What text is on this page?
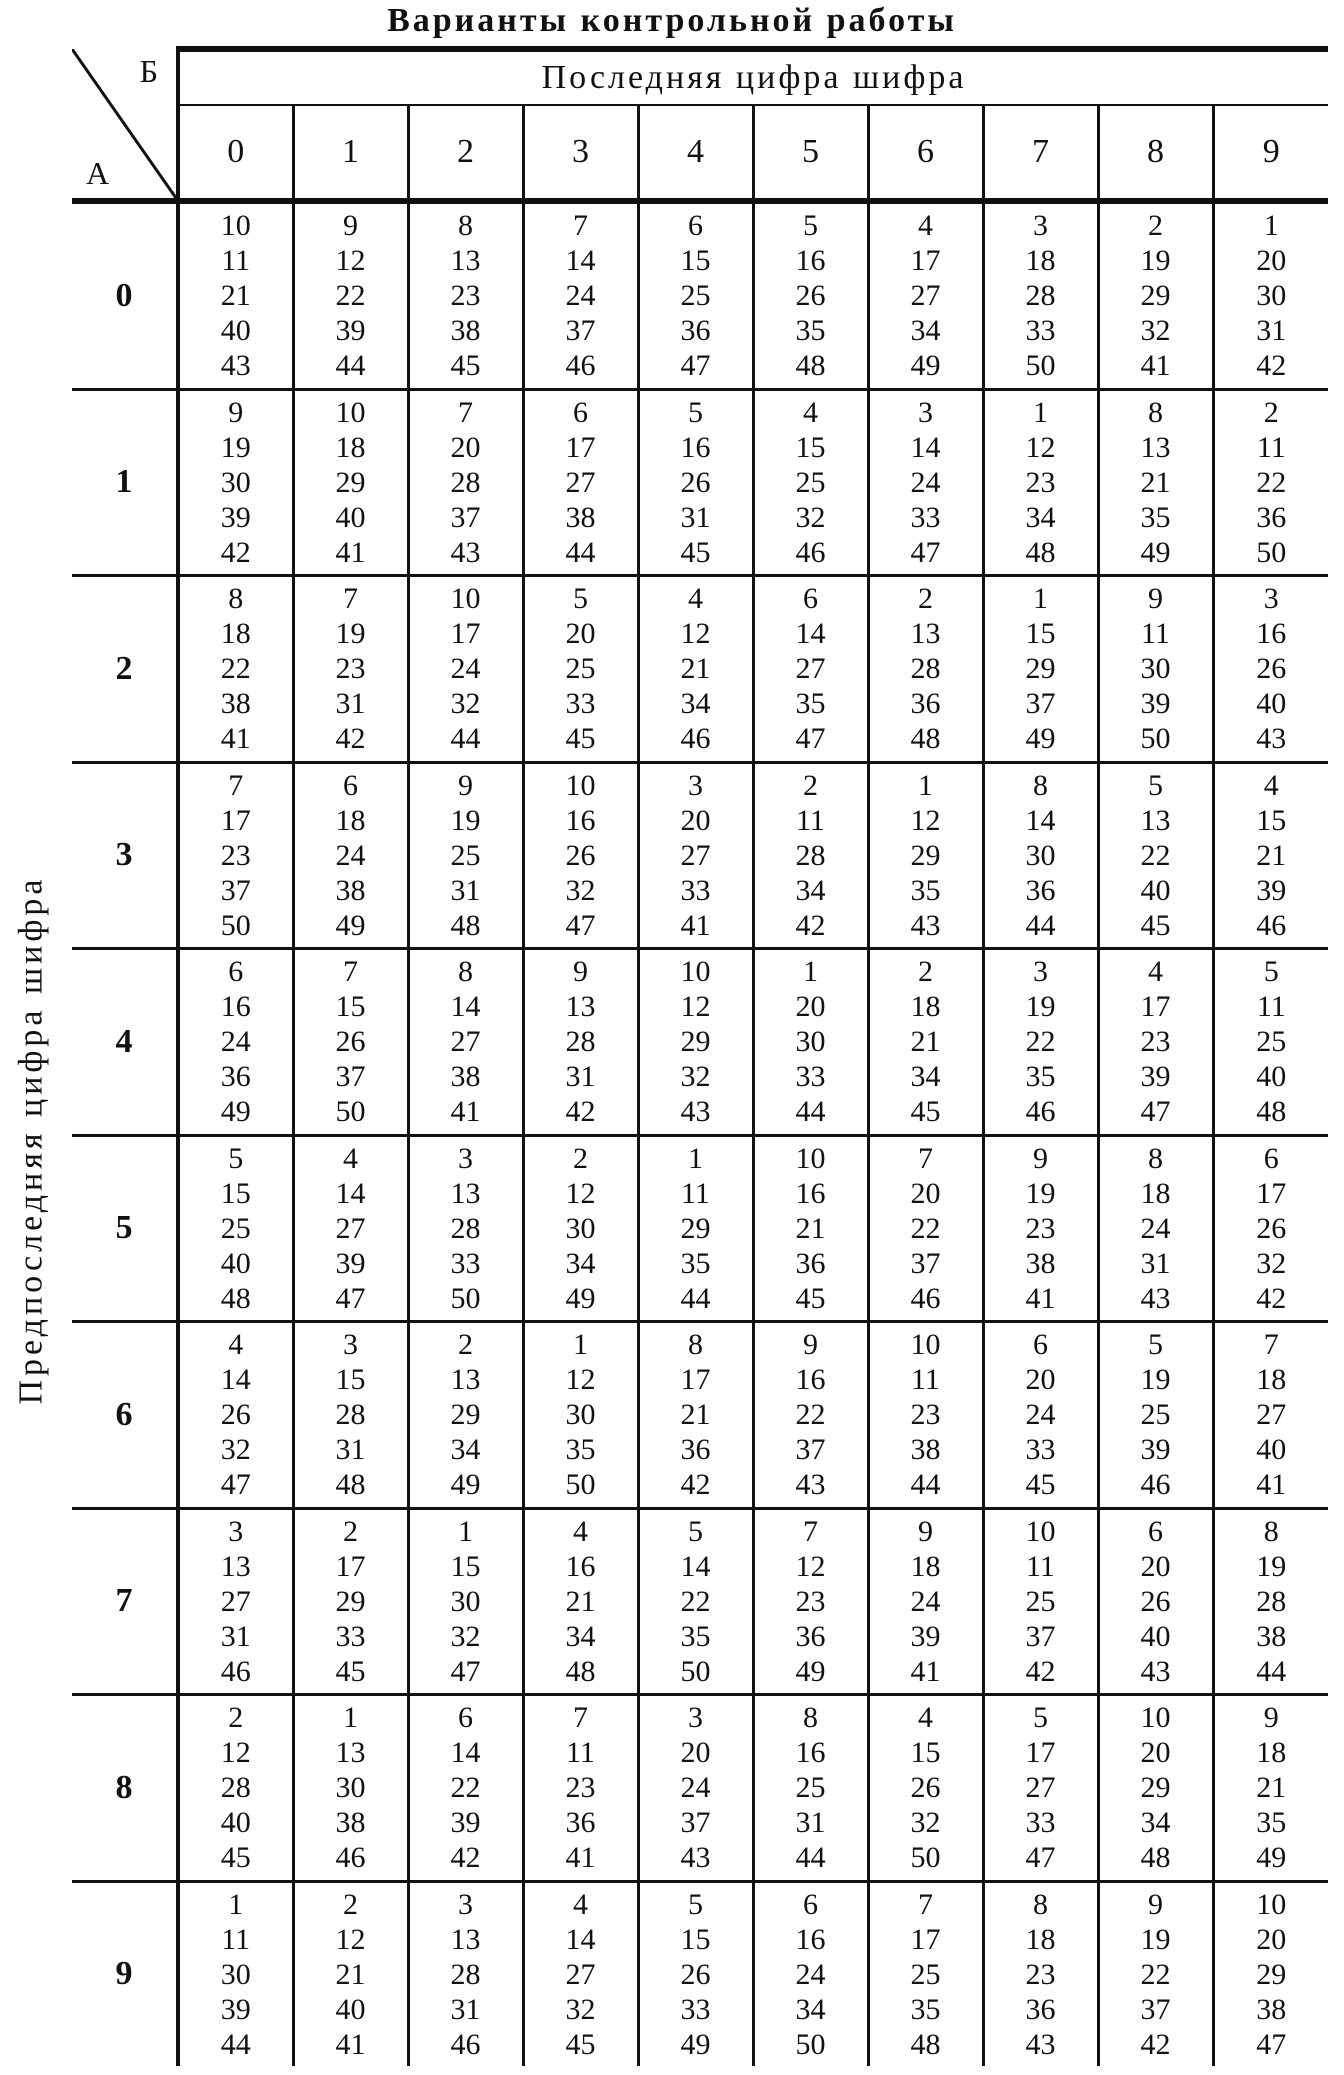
Варианты контрольной работы
Предпоследняя цифра шифра
Б
А	Последняя цифра шифра									
	0	1	2	3	4	5	6	7	8	9
0	10
11
21
40
43	9
12
22
39
44	8
13
23
38
45	7
14
24
37
46	6
15
25
36
47	5
16
26
35
48	4
17
27
34
49	3
18
28
33
50	2
19
29
32
41	1
20
30
31
42

1	9
19
30
39
42	10
18
29
40
41	7
20
28
37
43	6
17
27
38
44	5
16
26
31
45	4
15
25
32
46	3
14
24
33
47	1
12
23
34
48	8
13
21
35
49	2
11
22
36
50

2	8
18
22
38
41	7
19
23
31
42	10
17
24
32
44	5
20
25
33
45	4
12
21
34
46	6
14
27
35
47	2
13
28
36
48	1
15
29
37
49	9
11
30
39
50	3
16
26
40
43

3	7
17
23
37
50	6
18
24
38
49	9
19
25
31
48	10
16
26
32
47	3
20
27
33
41	2
11
28
34
42	1
12
29
35
43	8
14
30
36
44	5
13
22
40
45	4
15
21
39
46

4	6
16
24
36
49	7
15
26
37
50	8
14
27
38
41	9
13
28
31
42	10
12
29
32
43	1
20
30
33
44	2
18
21
34
45	3
19
22
35
46	4
17
23
39
47	5
11
25
40
48

5	5
15
25
40
48	4
14
27
39
47	3
13
28
33
50	2
12
30
34
49	1
11
29
35
44	10
16
21
36
45	7
20
22
37
46	9
19
23
38
41	8
18
24
31
43	6
17
26
32
42

6	4
14
26
32
47	3
15
28
31
48	2
13
29
34
49	1
12
30
35
50	8
17
21
36
42	9
16
22
37
43	10
11
23
38
44	6
20
24
33
45	5
19
25
39
46	7
18
27
40
41

7	3
13
27
31
46	2
17
29
33
45	1
15
30
32
47	4
16
21
34
48	5
14
22
35
50	7
12
23
36
49	9
18
24
39
41	10
11
25
37
42	6
20
26
40
43	8
19
28
38
44

8	2
12
28
40
45	1
13
30
38
46	6
14
22
39
42	7
11
23
36
41	3
20
24
37
43	8
16
25
31
44	4
15
26
32
50	5
17
27
33
47	10
20
29
34
48	9
18
21
35
49

9	1
11
30
39
44	2
12
21
40
41	3
13
28
31
46	4
14
27
32
45	5
15
26
33
49	6
16
24
34
50	7
17
25
35
48	8
18
23
36
43	9
19
22
37
42	10
20
29
38
47
